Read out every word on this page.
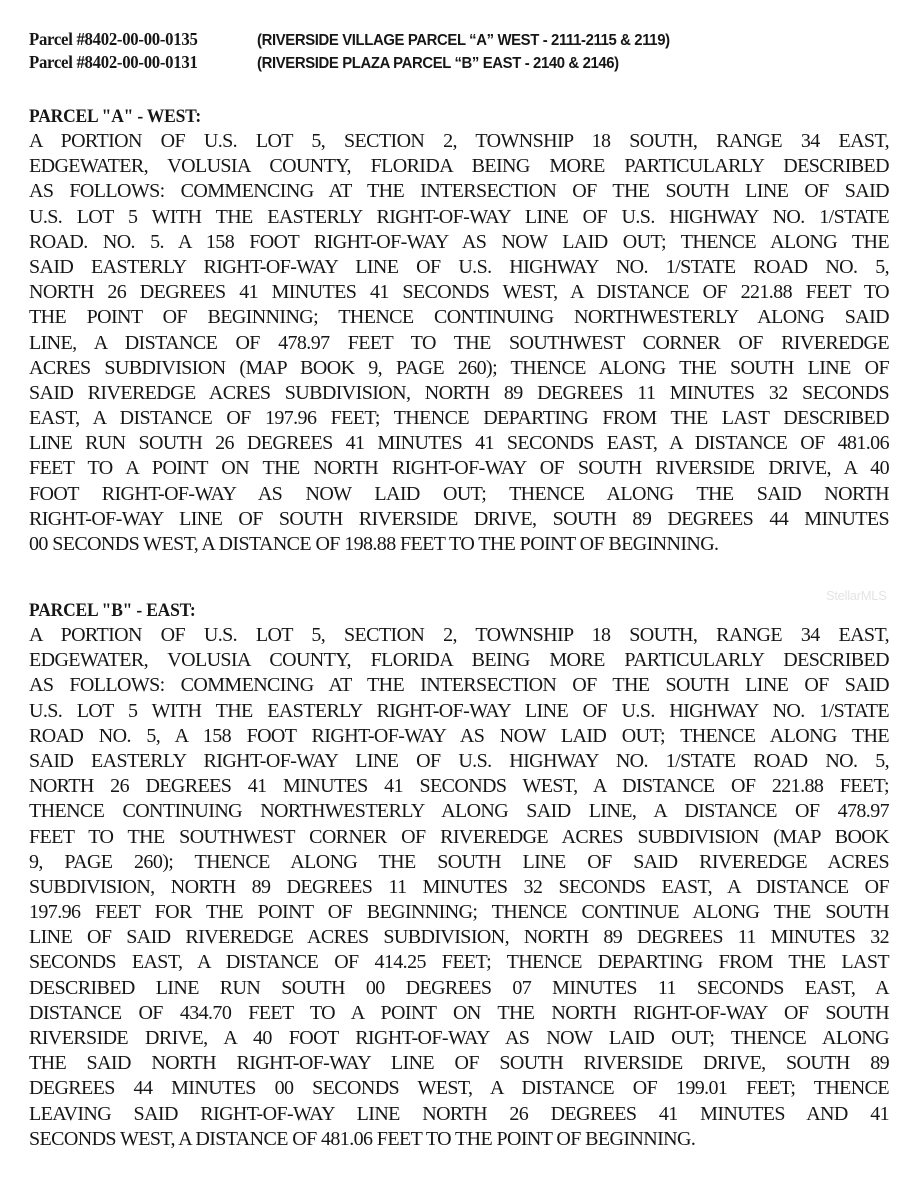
Parcel #8402-00-00-0135	(RIVERSIDE VILLAGE PARCEL “A” WEST - 2111-2115 & 2119)
Parcel #8402-00-00-0131	(RIVERSIDE PLAZA PARCEL “B” EAST - 2140 & 2146)
PARCEL "A" - WEST:
A PORTION OF U.S. LOT 5, SECTION 2, TOWNSHIP 18 SOUTH, RANGE 34 EAST,
EDGEWATER, VOLUSIA COUNTY, FLORIDA BEING MORE PARTICULARLY DESCRIBED
AS FOLLOWS: COMMENCING AT THE INTERSECTION OF THE SOUTH LINE OF SAID
U.S. LOT 5 WITH THE EASTERLY RIGHT-OF-WAY LINE OF U.S. HIGHWAY NO. 1/STATE
ROAD. NO. 5. A 158 FOOT RIGHT-OF-WAY AS NOW LAID OUT; THENCE ALONG THE
SAID EASTERLY RIGHT-OF-WAY LINE OF U.S. HIGHWAY NO. 1/STATE ROAD NO. 5,
NORTH 26 DEGREES 41 MINUTES 41 SECONDS WEST, A DISTANCE OF 221.88 FEET TO
THE POINT OF BEGINNING; THENCE CONTINUING NORTHWESTERLY ALONG SAID
LINE, A DISTANCE OF 478.97 FEET TO THE SOUTHWEST CORNER OF RIVEREDGE
ACRES SUBDIVISION (MAP BOOK 9, PAGE 260); THENCE ALONG THE SOUTH LINE OF
SAID RIVEREDGE ACRES SUBDIVISION, NORTH 89 DEGREES 11 MINUTES 32 SECONDS
EAST, A DISTANCE OF 197.96 FEET; THENCE DEPARTING FROM THE LAST DESCRIBED
LINE RUN SOUTH 26 DEGREES 41 MINUTES 41 SECONDS EAST, A DISTANCE OF 481.06
FEET TO A POINT ON THE NORTH RIGHT-OF-WAY OF SOUTH RIVERSIDE DRIVE, A 40
FOOT RIGHT-OF-WAY AS NOW LAID OUT; THENCE ALONG THE SAID NORTH
RIGHT-OF-WAY LINE OF SOUTH RIVERSIDE DRIVE, SOUTH 89 DEGREES 44 MINUTES
00 SECONDS WEST, A DISTANCE OF 198.88 FEET TO THE POINT OF BEGINNING.
StellarMLS
PARCEL "B" - EAST:
A PORTION OF U.S. LOT 5, SECTION 2, TOWNSHIP 18 SOUTH, RANGE 34 EAST,
EDGEWATER, VOLUSIA COUNTY, FLORIDA BEING MORE PARTICULARLY DESCRIBED
AS FOLLOWS: COMMENCING AT THE INTERSECTION OF THE SOUTH LINE OF SAID
U.S. LOT 5 WITH THE EASTERLY RIGHT-OF-WAY LINE OF U.S. HIGHWAY NO. 1/STATE
ROAD NO. 5, A 158 FOOT RIGHT-OF-WAY AS NOW LAID OUT; THENCE ALONG THE
SAID EASTERLY RIGHT-OF-WAY LINE OF U.S. HIGHWAY NO. 1/STATE ROAD NO. 5,
NORTH 26 DEGREES 41 MINUTES 41 SECONDS WEST, A DISTANCE OF 221.88 FEET;
THENCE CONTINUING NORTHWESTERLY ALONG SAID LINE, A DISTANCE OF 478.97
FEET TO THE SOUTHWEST CORNER OF RIVEREDGE ACRES SUBDIVISION (MAP BOOK
9, PAGE 260); THENCE ALONG THE SOUTH LINE OF SAID RIVEREDGE ACRES
SUBDIVISION, NORTH 89 DEGREES 11 MINUTES 32 SECONDS EAST, A DISTANCE OF
197.96 FEET FOR THE POINT OF BEGINNING; THENCE CONTINUE ALONG THE SOUTH
LINE OF SAID RIVEREDGE ACRES SUBDIVISION, NORTH 89 DEGREES 11 MINUTES 32
SECONDS EAST, A DISTANCE OF 414.25 FEET; THENCE DEPARTING FROM THE LAST
DESCRIBED LINE RUN SOUTH 00 DEGREES 07 MINUTES 11 SECONDS EAST, A
DISTANCE OF 434.70 FEET TO A POINT ON THE NORTH RIGHT-OF-WAY OF SOUTH
RIVERSIDE DRIVE, A 40 FOOT RIGHT-OF-WAY AS NOW LAID OUT; THENCE ALONG
THE SAID NORTH RIGHT-OF-WAY LINE OF SOUTH RIVERSIDE DRIVE, SOUTH 89
DEGREES 44 MINUTES 00 SECONDS WEST, A DISTANCE OF 199.01 FEET; THENCE
LEAVING SAID RIGHT-OF-WAY LINE NORTH 26 DEGREES 41 MINUTES AND 41
SECONDS WEST, A DISTANCE OF 481.06 FEET TO THE POINT OF BEGINNING.
